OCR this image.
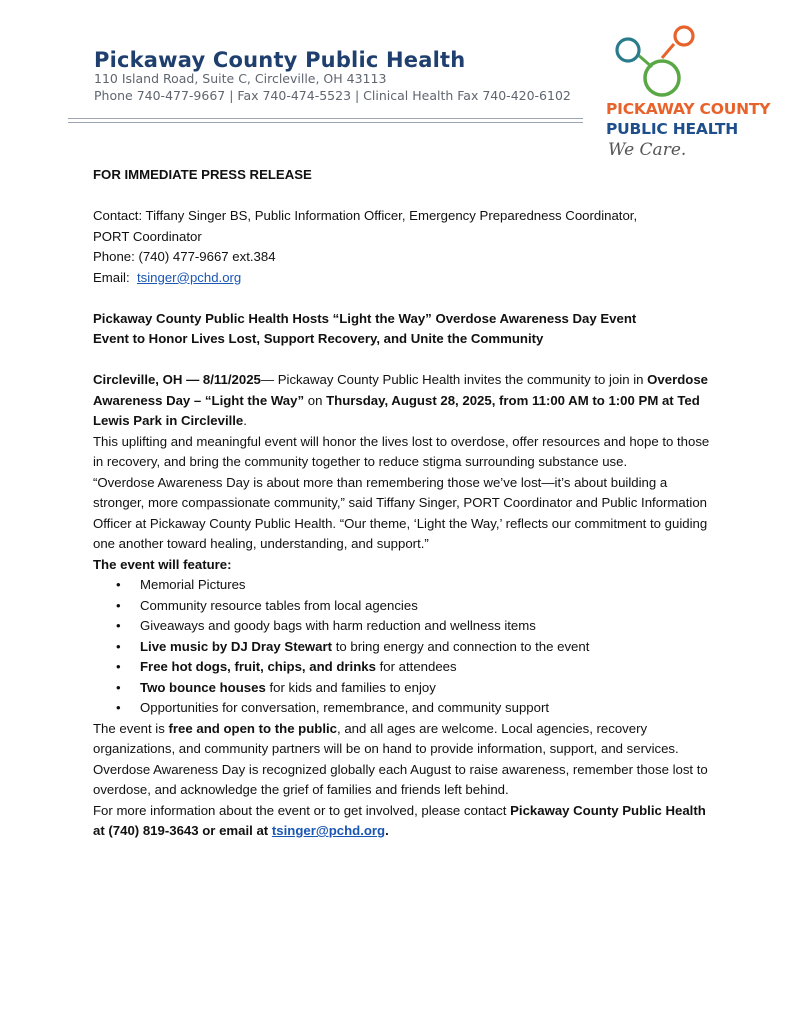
Pickaway County Public Health
110 Island Road, Suite C, Circleville, OH 43113
Phone 740-477-9667 | Fax 740-474-5523 | Clinical Health Fax 740-420-6102
PICKAWAY COUNTY
PUBLIC HEALTH
We Care.

FOR IMMEDIATE PRESS RELEASE

Contact: Tiffany Singer BS, Public Information Officer, Emergency Preparedness Coordinator,

PORT Coordinator

Phone: (740) 477-9667 ext.384

Email: tsinger@pchd.org

Pickaway County Public Health Hosts “Light the Way” Overdose Awareness Day Event

Event to Honor Lives Lost, Support Recovery, and Unite the Community

Circleville, OH — 8/11/2025— Pickaway County Public Health invites the community to join in Overdose Awareness Day – “Light the Way” on Thursday, August 28, 2025, from 11:00 AM to 1:00 PM at Ted Lewis Park in Circleville.

This uplifting and meaningful event will honor the lives lost to overdose, offer resources and hope to those in recovery, and bring the community together to reduce stigma surrounding substance use.

“Overdose Awareness Day is about more than remembering those we’ve lost—it’s about building a stronger, more compassionate community,” said Tiffany Singer, PORT Coordinator and Public Information Officer at Pickaway County Public Health. “Our theme, ‘Light the Way,’ reflects our commitment to guiding one another toward healing, understanding, and support.”

The event will feature:

• Memorial Pictures
• Community resource tables from local agencies
• Giveaways and goody bags with harm reduction and wellness items
• Live music by DJ Dray Stewart to bring energy and connection to the event
• Free hot dogs, fruit, chips, and drinks for attendees
• Two bounce houses for kids and families to enjoy
• Opportunities for conversation, remembrance, and community support

The event is free and open to the public, and all ages are welcome. Local agencies, recovery organizations, and community partners will be on hand to provide information, support, and services.

Overdose Awareness Day is recognized globally each August to raise awareness, remember those lost to overdose, and acknowledge the grief of families and friends left behind.

For more information about the event or to get involved, please contact Pickaway County Public Health at (740) 819-3643 or email at tsinger@pchd.org.
